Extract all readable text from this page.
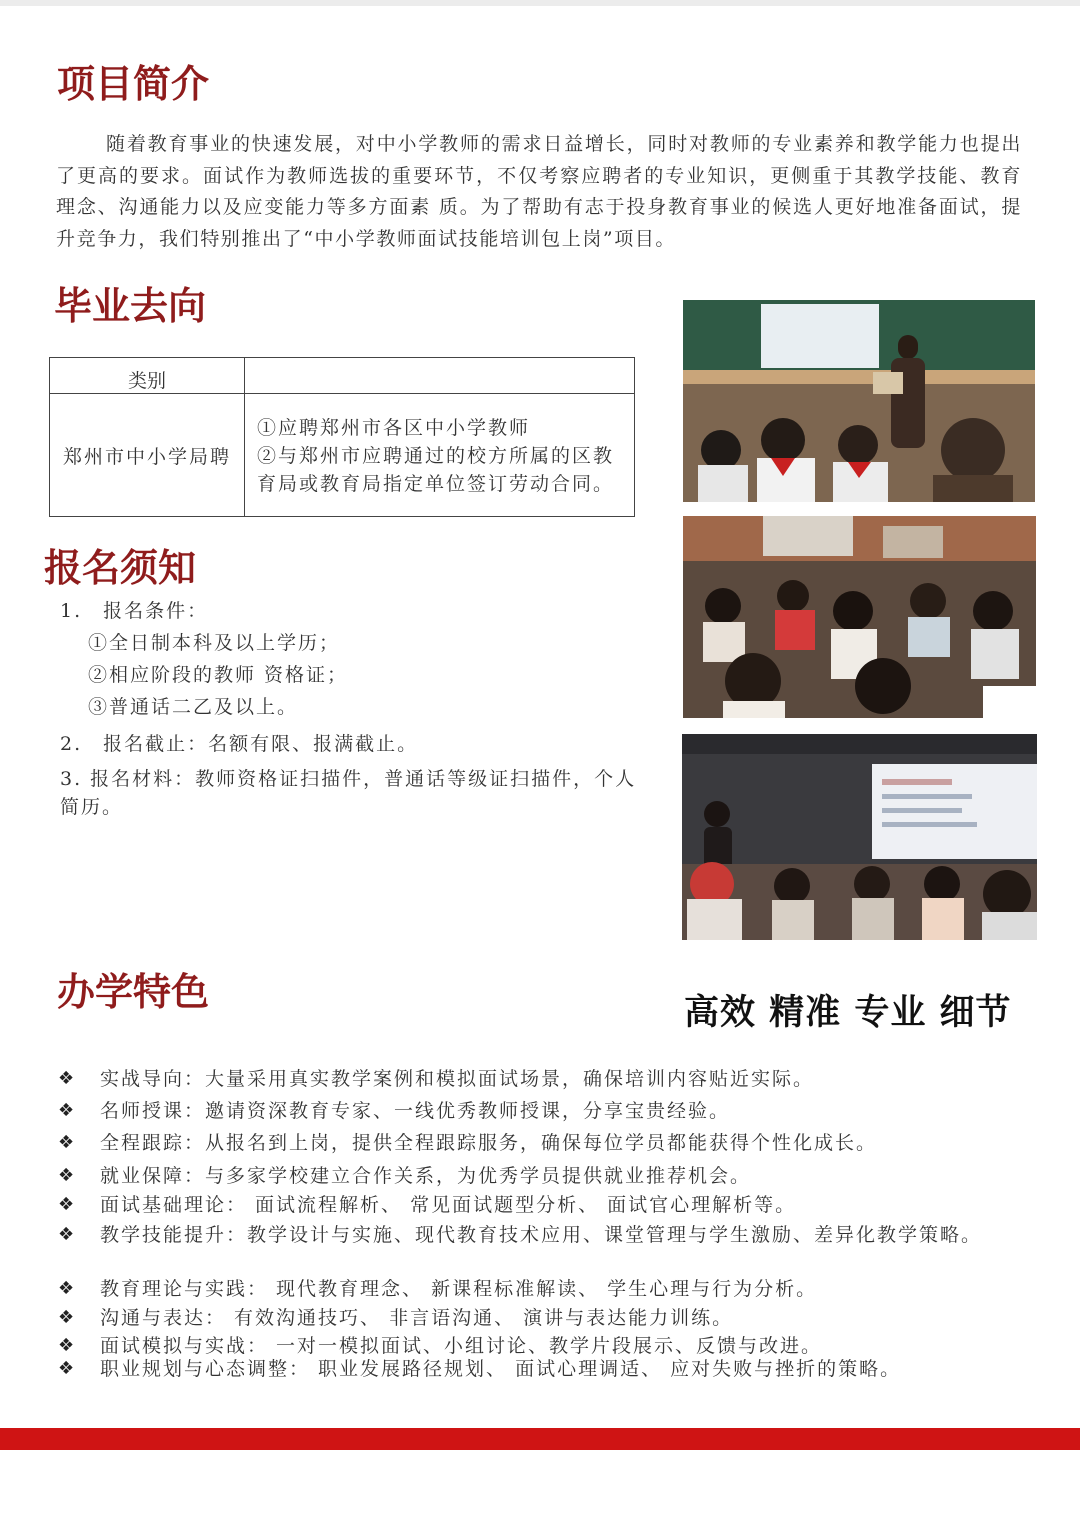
项目简介

随着教育事业的快速发展，对中小学教师的需求日益增长，同时对教师的专业素养和教学能力也提出了更高的要求。面试作为教师选拔的重要环节，不仅考察应聘者的专业知识，更侧重于其教学技能、教育理念、沟通能力以及应变能力等多方面素 质。为了帮助有志于投身教育事业的候选人更好地准备面试，提升竞争力，我们特别推出了“中小学教师面试技能培训包上岗”项目。

毕业去向
类别	
郑州市中小学局聘	①应聘郑州市各区中小学教师
②与郑州市应聘通过的校方所属的区教育局或教育局指定单位签订劳动合同。
报名须知
1.　报名条件：
①全日制本科及以上学历；
②相应阶段的教师 资格证；
③普通话二乙及以上。
2.　报名截止：名额有限、报满截止。
3. 报名材料：教师资格证扫描件，普通话等级证扫描件，个人
简历。
办学特色	高效 精准 专业 细节
❖ 实战导向：大量采用真实教学案例和模拟面试场景，确保培训内容贴近实际。
❖ 名师授课：邀请资深教育专家、一线优秀教师授课，分享宝贵经验。
❖ 全程跟踪：从报名到上岗，提供全程跟踪服务，确保每位学员都能获得个性化成长。
❖ 就业保障：与多家学校建立合作关系，为优秀学员提供就业推荐机会。
❖ 面试基础理论： 面试流程解析、 常见面试题型分析、 面试官心理解析等。
❖ 教学技能提升：教学设计与实施、现代教育技术应用、课堂管理与学生激励、差异化教学策略。
❖ 教育理论与实践： 现代教育理念、 新课程标准解读、 学生心理与行为分析。
❖ 沟通与表达： 有效沟通技巧、 非言语沟通、 演讲与表达能力训练。
❖ 面试模拟与实战： 一对一模拟面试、小组讨论、教学片段展示、反馈与改进。
❖ 职业规划与心态调整： 职业发展路径规划、 面试心理调适、 应对失败与挫折的策略。
